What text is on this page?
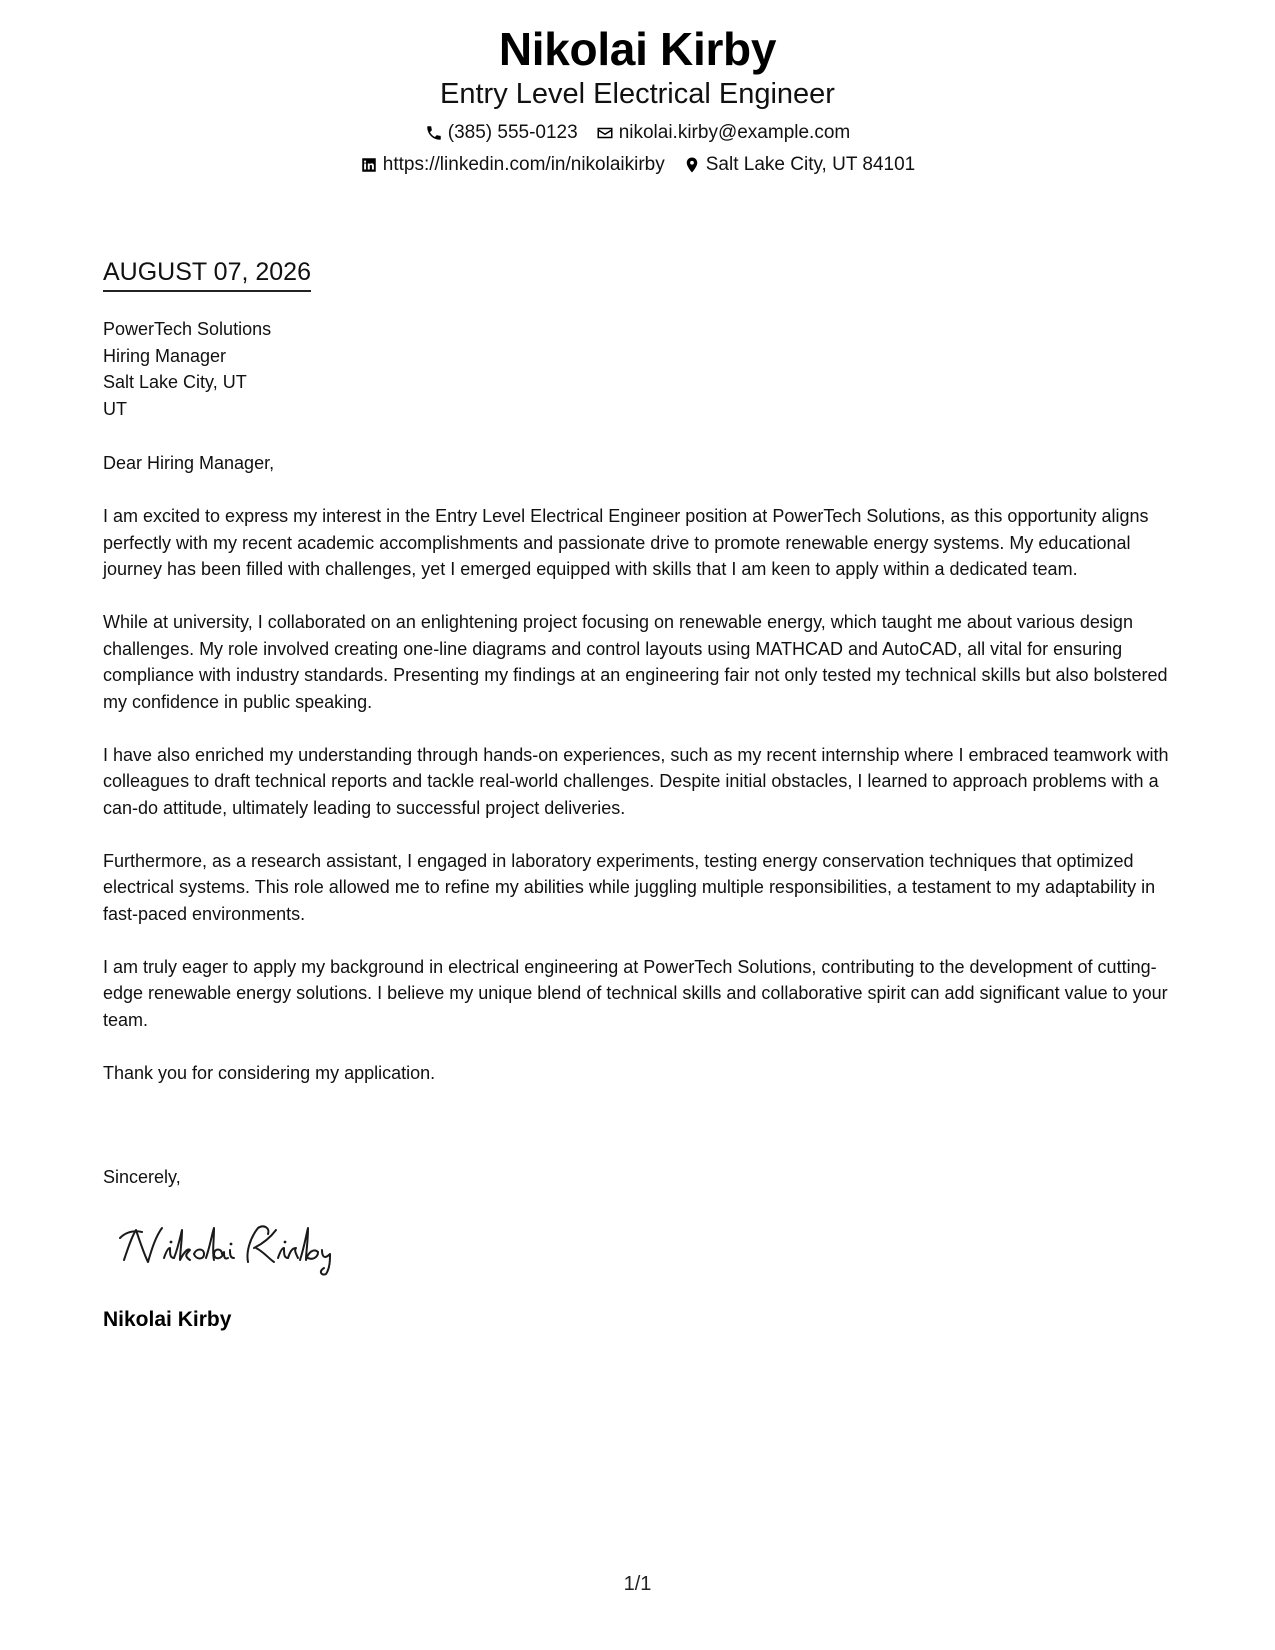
Nikolai Kirby
Entry Level Electrical Engineer
(385) 555-0123 nikolai.kirby@example.com
https://linkedin.com/in/nikolaikirby Salt Lake City, UT 84101
AUGUST 07, 2026
PowerTech Solutions
Hiring Manager
Salt Lake City, UT
UT

Dear Hiring Manager,

I am excited to express my interest in the Entry Level Electrical Engineer position at PowerTech Solutions, as this opportunity aligns perfectly with my recent academic accomplishments and passionate drive to promote renewable energy systems. My educational journey has been filled with challenges, yet I emerged equipped with skills that I am keen to apply within a dedicated team.

While at university, I collaborated on an enlightening project focusing on renewable energy, which taught me about various design challenges. My role involved creating one-line diagrams and control layouts using MATHCAD and AutoCAD, all vital for ensuring compliance with industry standards. Presenting my findings at an engineering fair not only tested my technical skills but also bolstered my confidence in public speaking.

I have also enriched my understanding through hands-on experiences, such as my recent internship where I embraced teamwork with colleagues to draft technical reports and tackle real-world challenges. Despite initial obstacles, I learned to approach problems with a can-do attitude, ultimately leading to successful project deliveries.

Furthermore, as a research assistant, I engaged in laboratory experiments, testing energy conservation techniques that optimized electrical systems. This role allowed me to refine my abilities while juggling multiple responsibilities, a testament to my adaptability in fast-paced environments.

I am truly eager to apply my background in electrical engineering at PowerTech Solutions, contributing to the development of cutting-edge renewable energy solutions. I believe my unique blend of technical skills and collaborative spirit can add significant value to your team.

Thank you for considering my application.

Sincerely,
Nikolai Kirby
1/1
